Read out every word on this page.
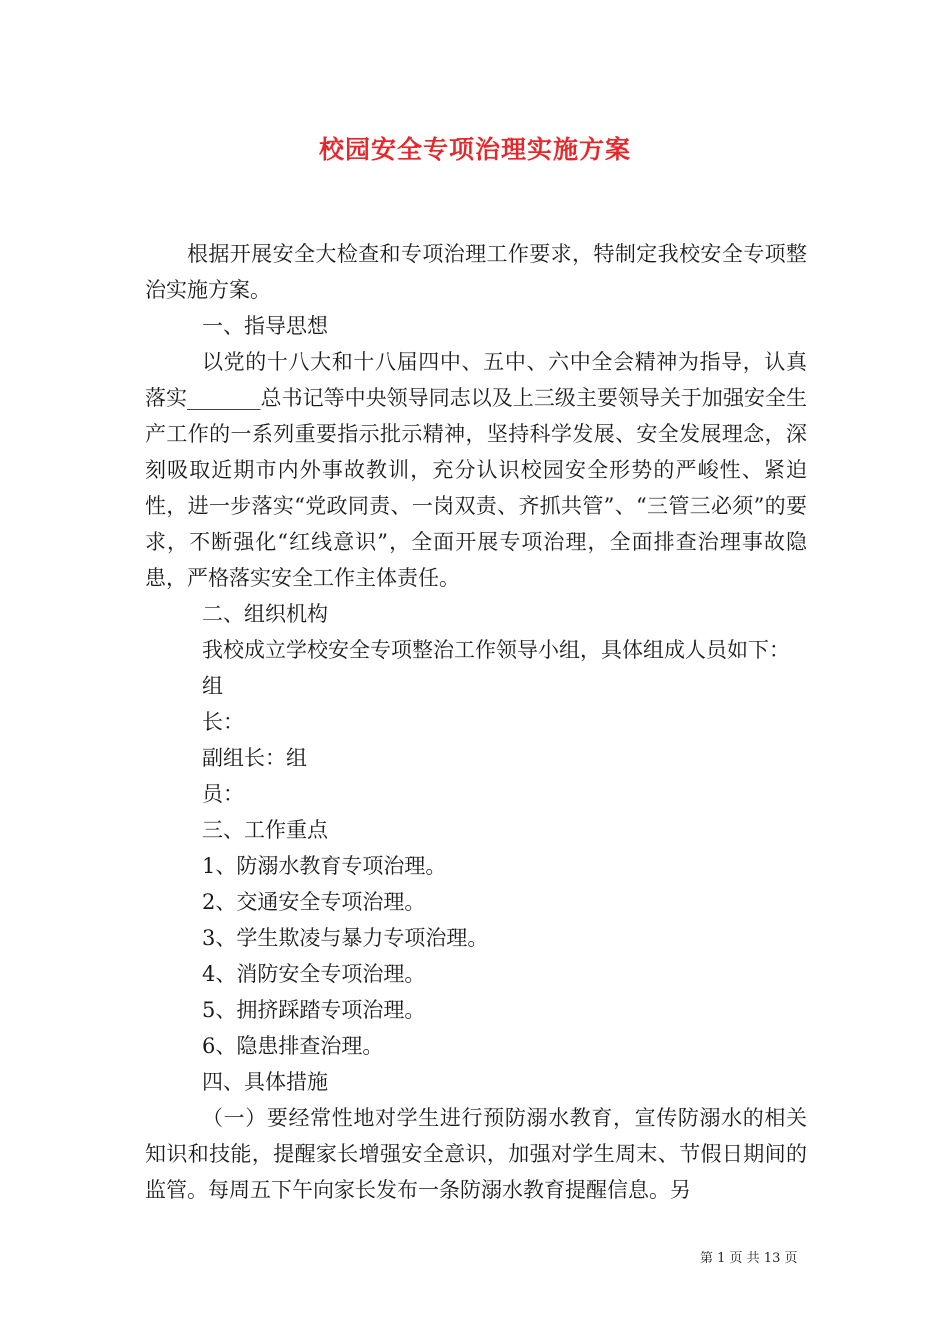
校园安全专项治理实施方案

根据开展安全大检查和专项治理工作要求，特制定我校安全专项整治实施方案。

一、指导思想

以党的十八大和十八届四中、五中、六中全会精神为指导，认真落实_______总书记等中央领导同志以及上三级主要领导关于加强安全生产工作的一系列重要指示批示精神，坚持科学发展、安全发展理念，深刻吸取近期市内外事故教训，充分认识校园安全形势的严峻性、紧迫性，进一步落实“党政同责、一岗双责、齐抓共管”、“三管三必须”的要求，不断强化“红线意识”，全面开展专项治理，全面排查治理事故隐患，严格落实安全工作主体责任。

二、组织机构

我校成立学校安全专项整治工作领导小组，具体组成人员如下：

组

长：

副组长：组

员：

三、工作重点

1、防溺水教育专项治理。

2、交通安全专项治理。

3、学生欺凌与暴力专项治理。

4、消防安全专项治理。

5、拥挤踩踏专项治理。

6、隐患排查治理。

四、具体措施

（一）要经常性地对学生进行预防溺水教育，宣传防溺水的相关知识和技能，提醒家长增强安全意识，加强对学生周末、节假日期间的监管。每周五下午向家长发布一条防溺水教育提醒信息。另

第 1 页 共 13 页
